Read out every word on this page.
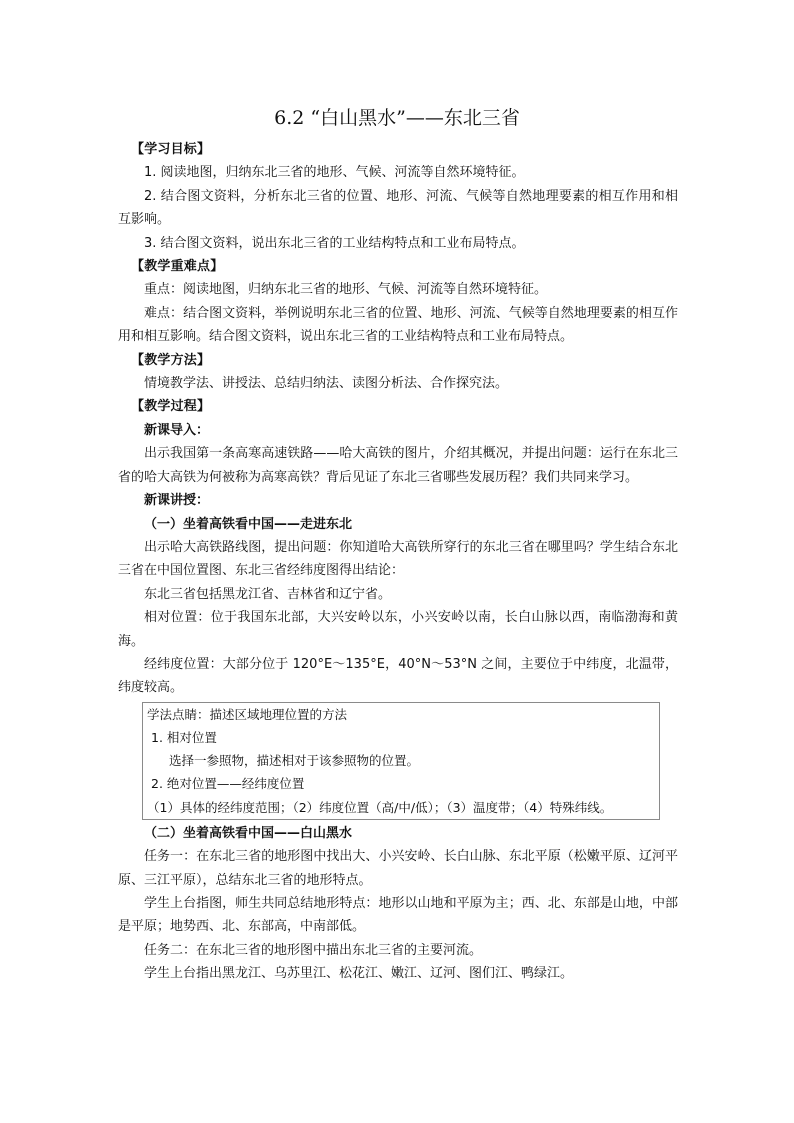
6.2 “白山黑水”——东北三省

【学习目标】

1. 阅读地图，归纳东北三省的地形、气候、河流等自然环境特征。

2. 结合图文资料，分析东北三省的位置、地形、河流、气候等自然地理要素的相互作用和相互影响。

3. 结合图文资料，说出东北三省的工业结构特点和工业布局特点。

【教学重难点】

重点：阅读地图，归纳东北三省的地形、气候、河流等自然环境特征。

难点：结合图文资料，举例说明东北三省的位置、地形、河流、气候等自然地理要素的相互作用和相互影响。结合图文资料，说出东北三省的工业结构特点和工业布局特点。

【教学方法】

情境教学法、讲授法、总结归纳法、读图分析法、合作探究法。

【教学过程】

新课导入：

出示我国第一条高寒高速铁路——哈大高铁的图片，介绍其概况，并提出问题：运行在东北三省的哈大高铁为何被称为高寒高铁？背后见证了东北三省哪些发展历程？我们共同来学习。

新课讲授：

（一）坐着高铁看中国——走进东北

出示哈大高铁路线图，提出问题：你知道哈大高铁所穿行的东北三省在哪里吗？学生结合东北三省在中国位置图、东北三省经纬度图得出结论：

东北三省包括黑龙江省、吉林省和辽宁省。

相对位置：位于我国东北部，大兴安岭以东，小兴安岭以南，长白山脉以西，南临渤海和黄海。

经纬度位置：大部分位于 120°E～135°E，40°N～53°N 之间，主要位于中纬度，北温带，纬度较高。

学法点睛：描述区域地理位置的方法

1. 相对位置

选择一参照物，描述相对于该参照物的位置。

2. 绝对位置——经纬度位置

（1）具体的经纬度范围；（2）纬度位置（高/中/低）；（3）温度带；（4）特殊纬线。

（二）坐着高铁看中国——白山黑水

任务一：在东北三省的地形图中找出大、小兴安岭、长白山脉、东北平原（松嫩平原、辽河平原、三江平原），总结东北三省的地形特点。

学生上台指图，师生共同总结地形特点：地形以山地和平原为主；西、北、东部是山地，中部是平原；地势西、北、东部高，中南部低。

任务二：在东北三省的地形图中描出东北三省的主要河流。

学生上台指出黑龙江、乌苏里江、松花江、嫩江、辽河、图们江、鸭绿江。
